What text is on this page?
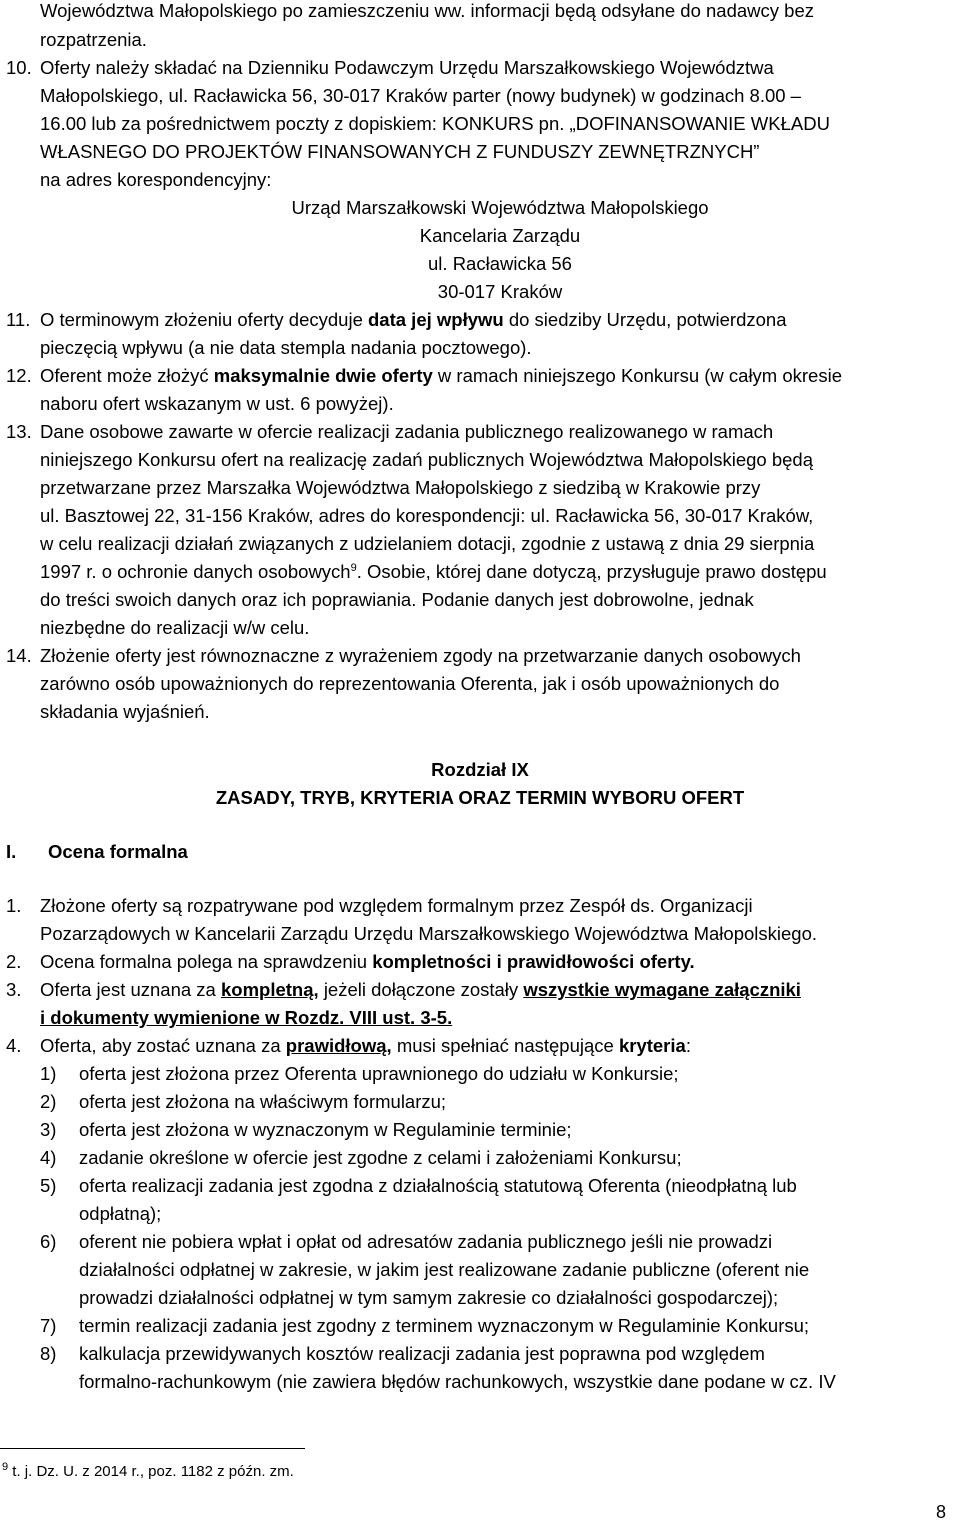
Województwa Małopolskiego po zamieszczeniu ww. informacji będą odsyłane do nadawcy bez
rozpatrzenia.
10. Oferty należy składać na Dzienniku Podawczym Urzędu Marszałkowskiego Województwa
Małopolskiego, ul. Racławicka 56, 30-017 Kraków parter (nowy budynek) w godzinach 8.00 –
16.00 lub za pośrednictwem poczty z dopiskiem: KONKURS pn. „DOFINANSOWANIE WKŁADU
WŁASNEGO DO PROJEKTÓW FINANSOWANYCH Z FUNDUSZY ZEWNĘTRZNYCH”
na adres korespondencyjny:
Urząd Marszałkowski Województwa Małopolskiego
Kancelaria Zarządu
ul. Racławicka 56
30-017 Kraków
11. O terminowym złożeniu oferty decyduje data jej wpływu do siedziby Urzędu, potwierdzona
pieczęcią wpływu (a nie data stempla nadania pocztowego).
12. Oferent może złożyć maksymalnie dwie oferty w ramach niniejszego Konkursu (w całym okresie
naboru ofert wskazanym w ust. 6 powyżej).
13. Dane osobowe zawarte w ofercie realizacji zadania publicznego realizowanego w ramach
niniejszego Konkursu ofert na realizację zadań publicznych Województwa Małopolskiego będą
przetwarzane przez Marszałka Województwa Małopolskiego z siedzibą w Krakowie przy
ul. Basztowej 22, 31-156 Kraków, adres do korespondencji: ul. Racławicka 56, 30-017 Kraków,
w celu realizacji działań związanych z udzielaniem dotacji, zgodnie z ustawą z dnia 29 sierpnia
1997 r. o ochronie danych osobowych$^9$. Osobie, której dane dotyczą, przysługuje prawo dostępu
do treści swoich danych oraz ich poprawiania. Podanie danych jest dobrowolne, jednak
niezbędne do realizacji w/w celu.
14. Złożenie oferty jest równoznaczne z wyrażeniem zgody na przetwarzanie danych osobowych
zarówno osób upoważnionych do reprezentowania Oferenta, jak i osób upoważnionych do
składania wyjaśnień.
Rozdział IX
ZASADY, TRYB, KRYTERIA ORAZ TERMIN WYBORU OFERT
I. Ocena formalna
1. Złożone oferty są rozpatrywane pod względem formalnym przez Zespół ds. Organizacji
Pozarządowych w Kancelarii Zarządu Urzędu Marszałkowskiego Województwa Małopolskiego.
2. Ocena formalna polega na sprawdzeniu kompletności i prawidłowości oferty.
3. Oferta jest uznana za kompletną, jeżeli dołączone zostały wszystkie wymagane załączniki
i dokumenty wymienione w Rozdz. VIII ust. 3-5.
4. Oferta, aby zostać uznana za prawidłową, musi spełniać następujące kryteria:
1) oferta jest złożona przez Oferenta uprawnionego do udziału w Konkursie;
2) oferta jest złożona na właściwym formularzu;
3) oferta jest złożona w wyznaczonym w Regulaminie terminie;
4) zadanie określone w ofercie jest zgodne z celami i założeniami Konkursu;
5) oferta realizacji zadania jest zgodna z działalnością statutową Oferenta (nieodpłatną lub
odpłatną);
6) oferent nie pobiera wpłat i opłat od adresatów zadania publicznego jeśli nie prowadzi
działalności odpłatnej w zakresie, w jakim jest realizowane zadanie publiczne (oferent nie
prowadzi działalności odpłatnej w tym samym zakresie co działalności gospodarczej);
7) termin realizacji zadania jest zgodny z terminem wyznaczonym w Regulaminie Konkursu;
8) kalkulacja przewidywanych kosztów realizacji zadania jest poprawna pod względem
formalno-rachunkowym (nie zawiera błędów rachunkowych, wszystkie dane podane w cz. IV
$^9$ t. j. Dz. U. z 2014 r., poz. 1182 z późn. zm.
8
